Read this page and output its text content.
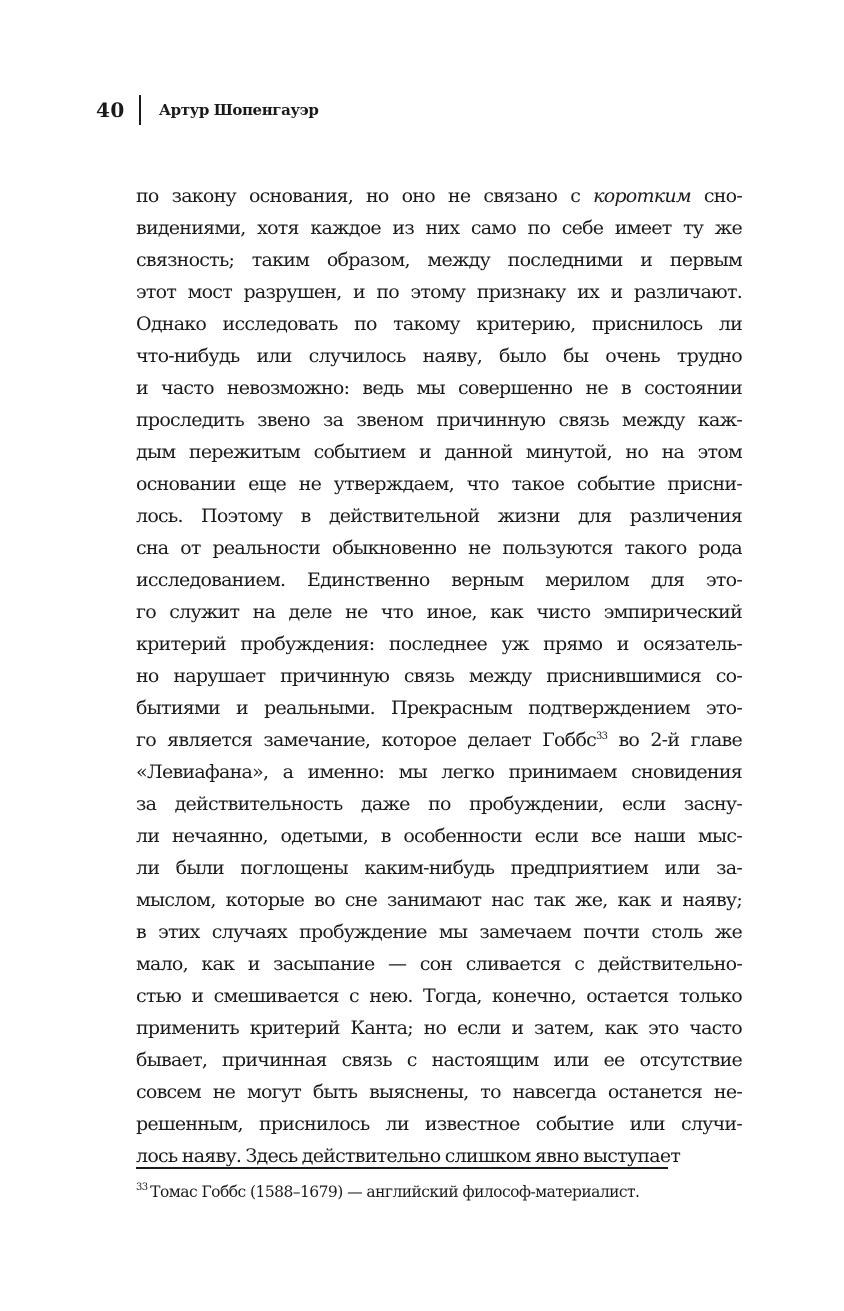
40 Артур Шопенгауэр
по закону основания, но оно не связано с коротким сно-
видениями, хотя каждое из них само по себе имеет ту же
связность; таким образом, между последними и первым
этот мост разрушен, и по этому признаку их и различают.
Однако исследовать по такому критерию, приснилось ли
что-нибудь или случилось наяву, было бы очень трудно
и часто невозможно: ведь мы совершенно не в состоянии
проследить звено за звеном причинную связь между каж-
дым пережитым событием и данной минутой, но на этом
основании еще не утверждаем, что такое событие присни-
лось. Поэтому в действительной жизни для различения
сна от реальности обыкновенно не пользуются такого рода
исследованием. Единственно верным мерилом для это-
го служит на деле не что иное, как чисто эмпирический
критерий пробуждения: последнее уж прямо и осязатель-
но нарушает причинную связь между приснившимися со-
бытиями и реальными. Прекрасным подтверждением это-
го является замечание, которое делает Гоббс$^{33}$ во 2-й главе
«Левиафана», а именно: мы легко принимаем сновидения
за действительность даже по пробуждении, если засну-
ли нечаянно, одетыми, в особенности если все наши мыс-
ли были поглощены каким-нибудь предприятием или за-
мыслом, которые во сне занимают нас так же, как и наяву;
в этих случаях пробуждение мы замечаем почти столь же
мало, как и засыпание — сон сливается с действительно-
стью и смешивается с нею. Тогда, конечно, остается только
применить критерий Канта; но если и затем, как это часто
бывает, причинная связь с настоящим или ее отсутствие
совсем не могут быть выяснены, то навсегда останется не-
решенным, приснилось ли известное событие или случи-
лось наяву. Здесь действительно слишком явно выступает
$^{33}$  Томас Гоббс (1588–1679) — английский философ-материалист.
